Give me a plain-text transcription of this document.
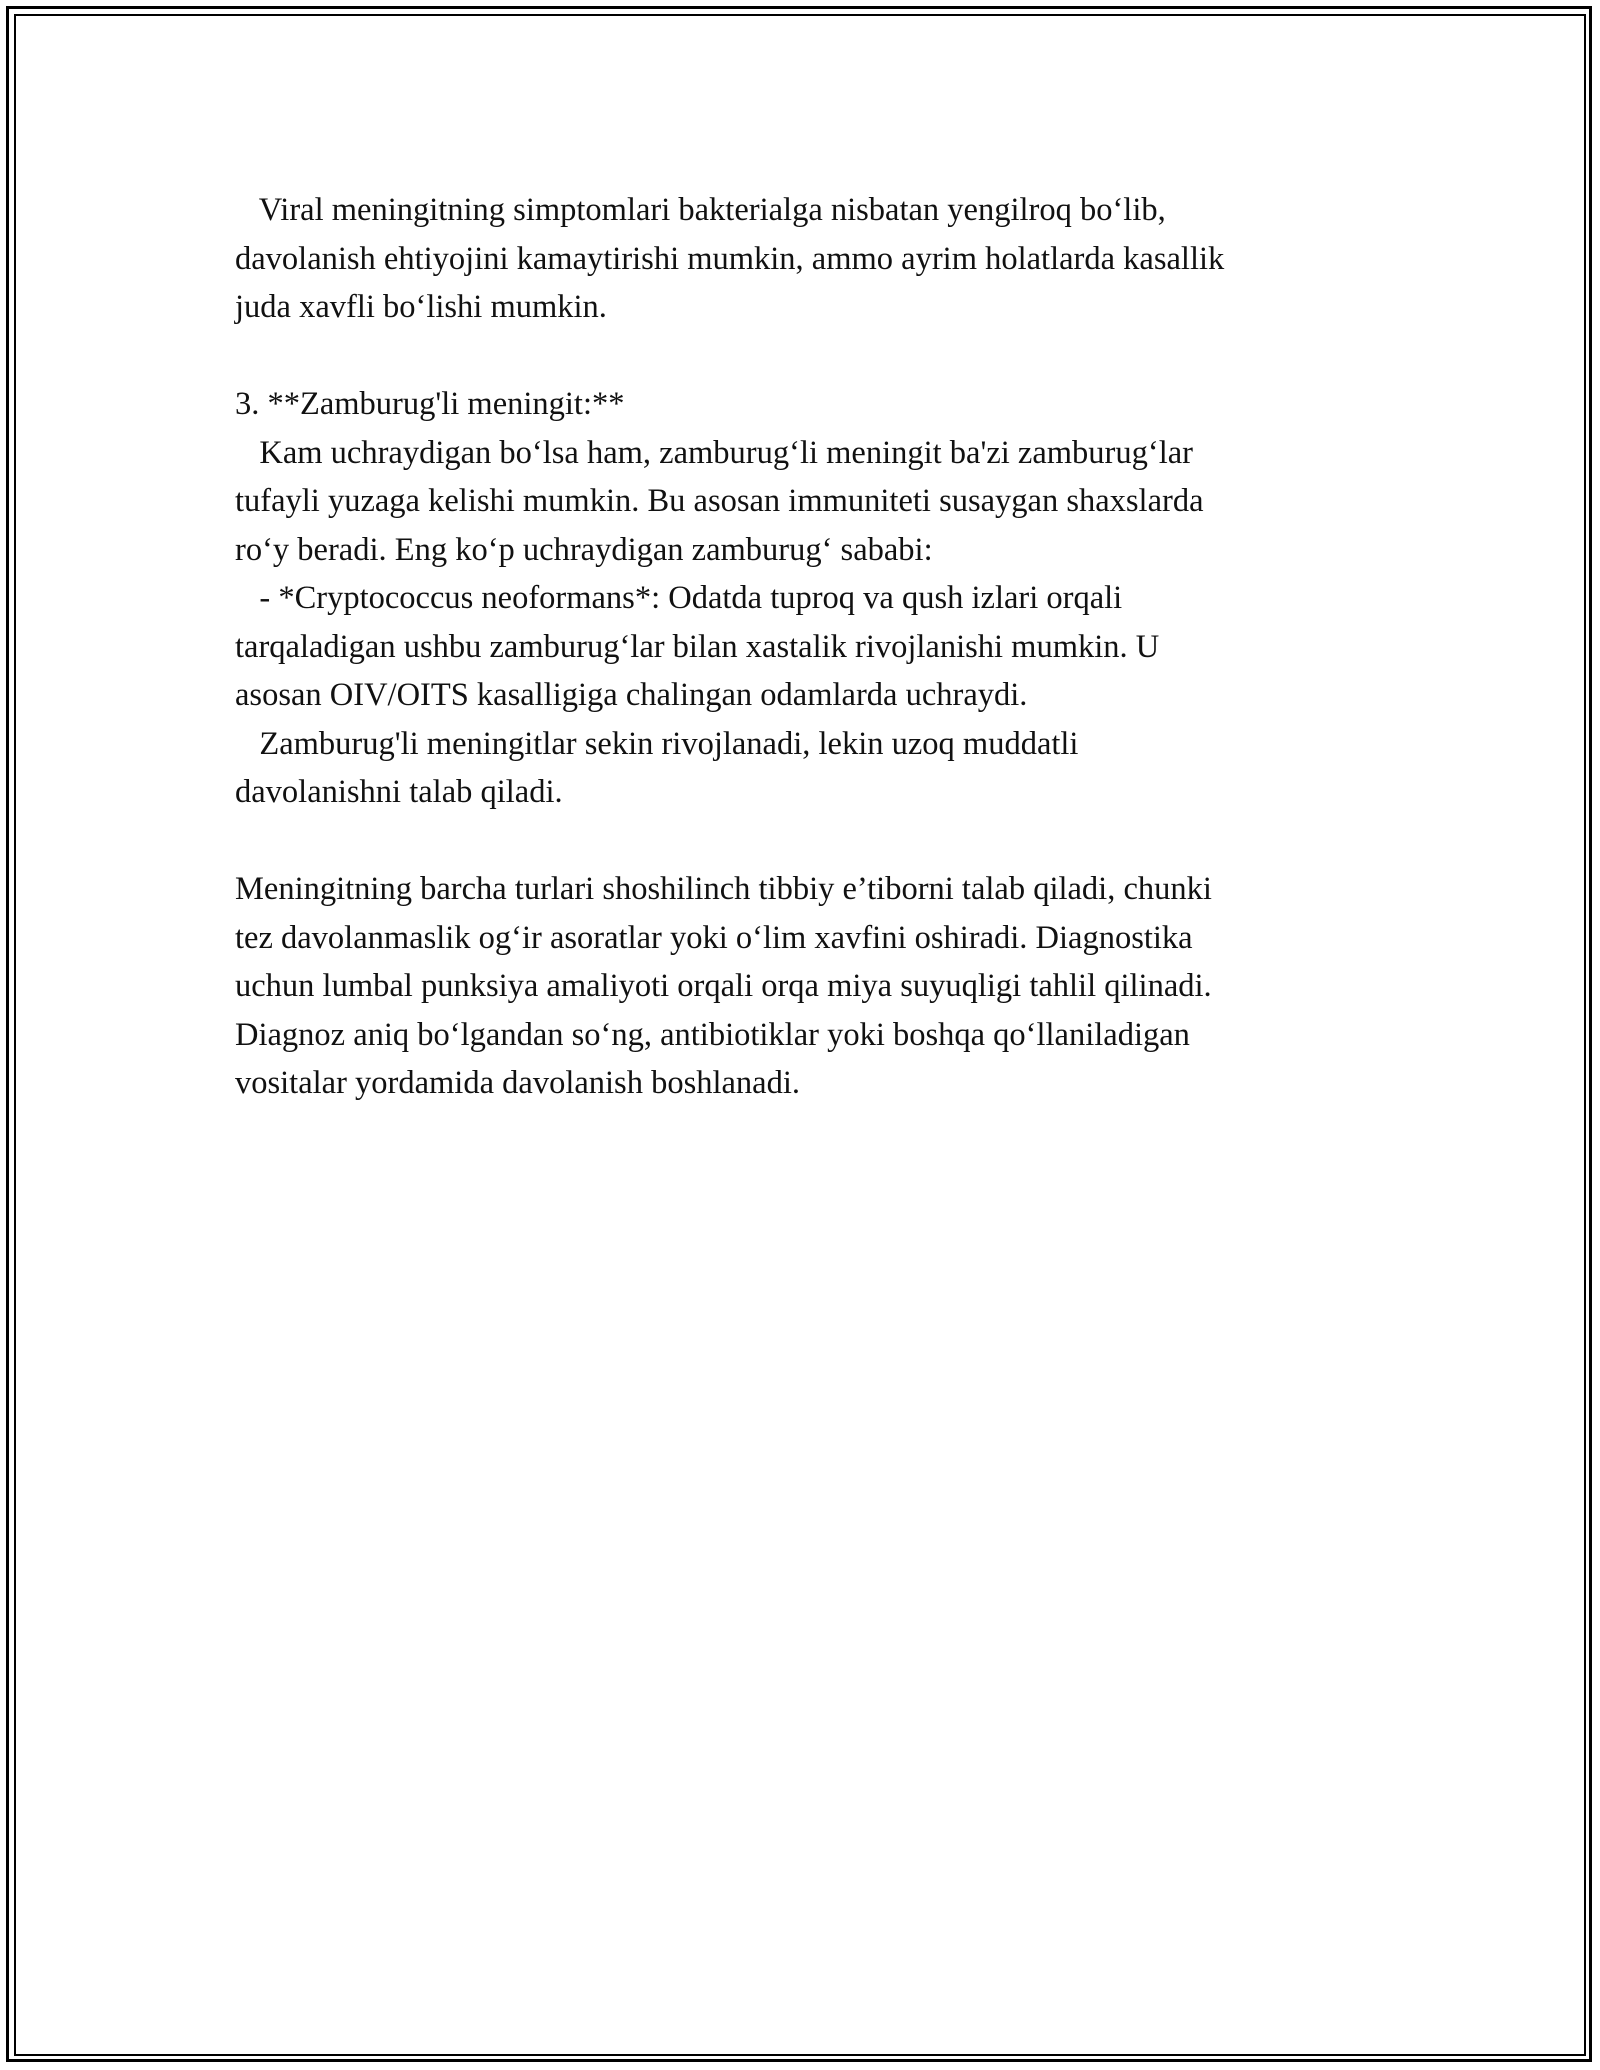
Viral meningitning simptomlari bakterialga nisbatan yengilroq bo‘lib,
davolanish ehtiyojini kamaytirishi mumkin, ammo ayrim holatlarda kasallik
juda xavfli bo‘lishi mumkin.
3. **Zamburug'li meningit:**
Kam uchraydigan bo‘lsa ham, zamburug‘li meningit ba'zi zamburug‘lar
tufayli yuzaga kelishi mumkin. Bu asosan immuniteti susaygan shaxslarda
ro‘y beradi. Eng ko‘p uchraydigan zamburug‘ sababi:
- *Cryptococcus neoformans*: Odatda tuproq va qush izlari orqali
tarqaladigan ushbu zamburug‘lar bilan xastalik rivojlanishi mumkin. U
asosan OIV/OITS kasalligiga chalingan odamlarda uchraydi.
Zamburug'li meningitlar sekin rivojlanadi, lekin uzoq muddatli
davolanishni talab qiladi.
Meningitning barcha turlari shoshilinch tibbiy e’tiborni talab qiladi, chunki
tez davolanmaslik og‘ir asoratlar yoki o‘lim xavfini oshiradi. Diagnostika
uchun lumbal punksiya amaliyoti orqali orqa miya suyuqligi tahlil qilinadi.
Diagnoz aniq bo‘lgandan so‘ng, antibiotiklar yoki boshqa qo‘llaniladigan
vositalar yordamida davolanish boshlanadi.
